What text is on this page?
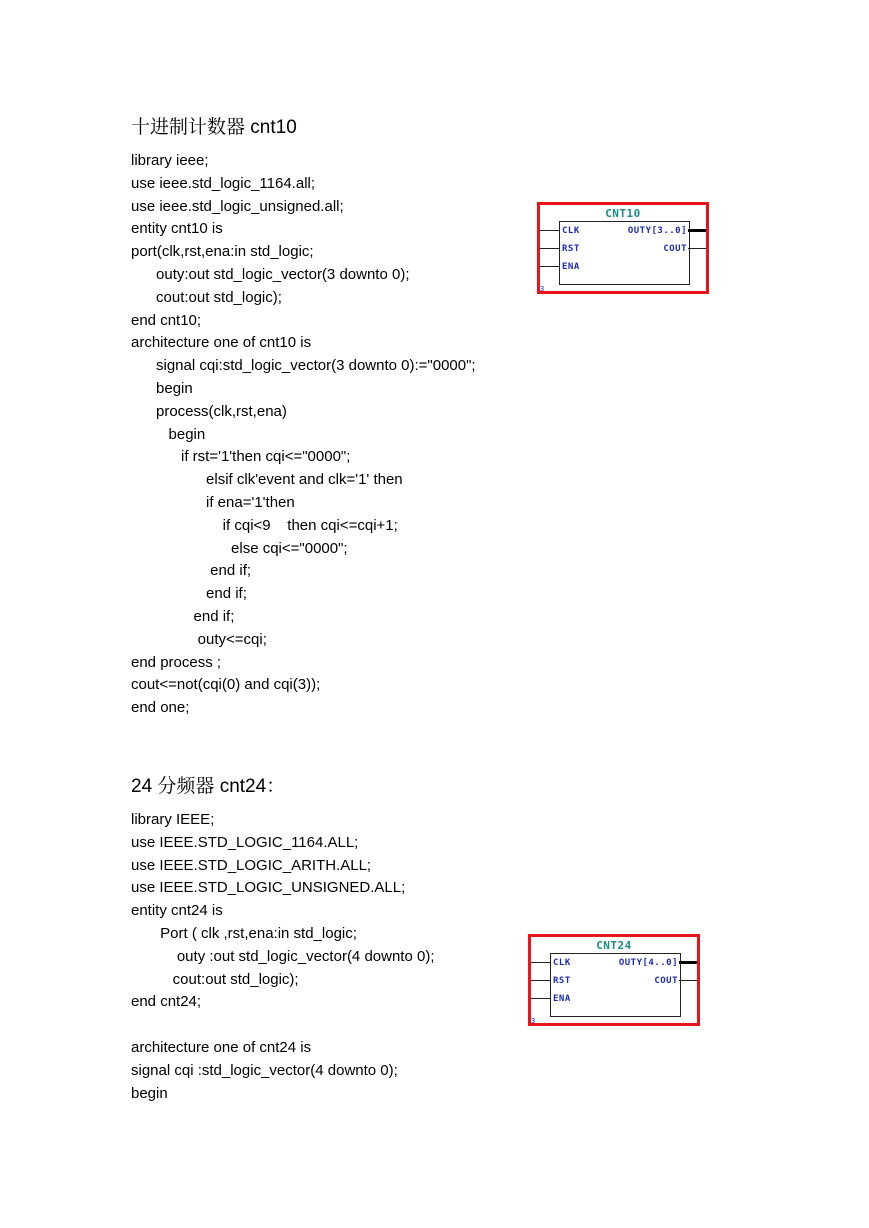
十进制计数器 cnt10
library ieee;
use ieee.std_logic_1164.all;
use ieee.std_logic_unsigned.all;
entity cnt10 is
port(clk,rst,ena:in std_logic;
outy:out std_logic_vector(3 downto 0);
cout:out std_logic);
end cnt10;
architecture one of cnt10 is
signal cqi:std_logic_vector(3 downto 0):="0000";
begin
process(clk,rst,ena)
begin
if rst='1'then cqi<="0000";
elsif clk'event and clk='1' then
if ena='1'then
if cqi<9    then cqi<=cqi+1;
else cqi<="0000";
end if;
end if;
end if;
outy<=cqi;
end process ;
cout<=not(cqi(0) and cqi(3));
end one;
CNT10
CLK
RST
ENA
OUTY[3..0]
COUT
3
24 分频器 cnt24：
library IEEE;
use IEEE.STD_LOGIC_1164.ALL;
use IEEE.STD_LOGIC_ARITH.ALL;
use IEEE.STD_LOGIC_UNSIGNED.ALL;
entity cnt24 is
Port ( clk ,rst,ena:in std_logic;
outy :out std_logic_vector(4 downto 0);
cout:out std_logic);
end cnt24;
architecture one of cnt24 is
signal cqi :std_logic_vector(4 downto 0);
begin
CNT24
CLK
RST
ENA
OUTY[4..0]
COUT
3
